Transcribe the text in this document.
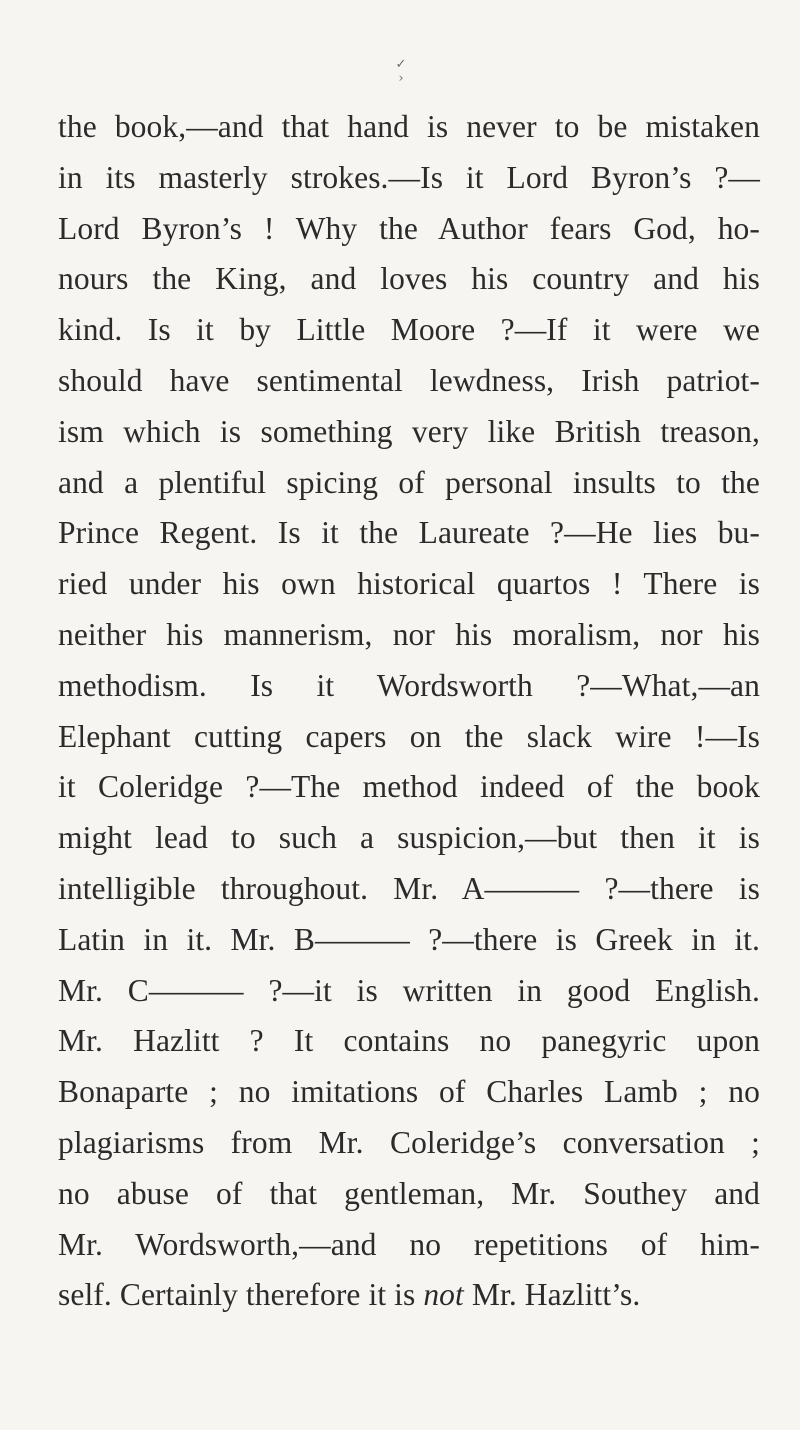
✓
›
the book,—and that hand is never to be mistaken
in its masterly strokes.—Is it Lord Byron’s ?—
Lord Byron’s ! Why the Author fears God, ho-
nours the King, and loves his country and his
kind. Is it by Little Moore ?—If it were we
should have sentimental lewdness, Irish patriot-
ism which is something very like British treason,
and a plentiful spicing of personal insults to the
Prince Regent. Is it the Laureate ?—He lies bu-
ried under his own historical quartos ! There is
neither his mannerism, nor his moralism, nor his
methodism. Is it Wordsworth ?—What,—an
Elephant cutting capers on the slack wire !—Is
it Coleridge ?—The method indeed of the book
might lead to such a suspicion,—but then it is
intelligible throughout. Mr. A——— ?—there is
Latin in it. Mr. B——— ?—there is Greek in it.
Mr. C——— ?—it is written in good English.
Mr. Hazlitt ? It contains no panegyric upon
Bonaparte ; no imitations of Charles Lamb ; no
plagiarisms from Mr. Coleridge’s conversation ;
no abuse of that gentleman, Mr. Southey and
Mr. Wordsworth,—and no repetitions of him-
self. Certainly therefore it is not Mr. Hazlitt’s.
